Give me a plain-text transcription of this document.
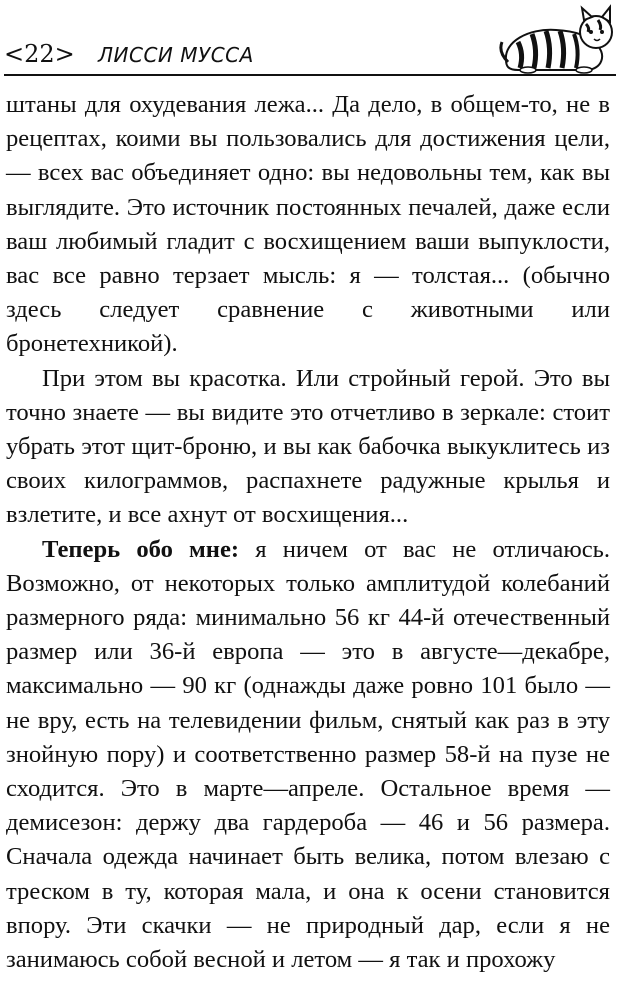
<22> ЛИССИ МУССА

штаны для охудевания лежа... Да дело, в общем-то, не в рецептах, коими вы пользовались для достижения цели, — всех вас объединяет одно: вы недовольны тем, как вы выглядите. Это источник постоянных печалей, даже если ваш любимый гладит с восхищением ваши выпуклости, вас все равно терзает мысль: я — толстая... (обычно здесь следует сравнение с животными или бронетехникой).

При этом вы красотка. Или стройный герой. Это вы точно знаете — вы видите это отчетливо в зеркале: стоит убрать этот щит-броню, и вы как бабочка выкуклитесь из своих килограммов, распахнете радужные крылья и взлетите, и все ахнут от восхищения...

Теперь обо мне: я ничем от вас не отличаюсь. Возможно, от некоторых только амплитудой колебаний размерного ряда: минимально 56 кг 44-й отечественный размер или 36-й европа — это в августе—декабре, максимально — 90 кг (однажды даже ровно 101 было — не вру, есть на телевидении фильм, снятый как раз в эту знойную пору) и соответственно размер 58-й на пузе не сходится. Это в марте—апреле. Остальное время — демисезон: держу два гардероба — 46 и 56 размера. Сначала одежда начинает быть велика, потом влезаю с треском в ту, которая мала, и она к осени становится впору. Эти скачки — не природный дар, если я не занимаюсь собой весной и летом — я так и прохожу
